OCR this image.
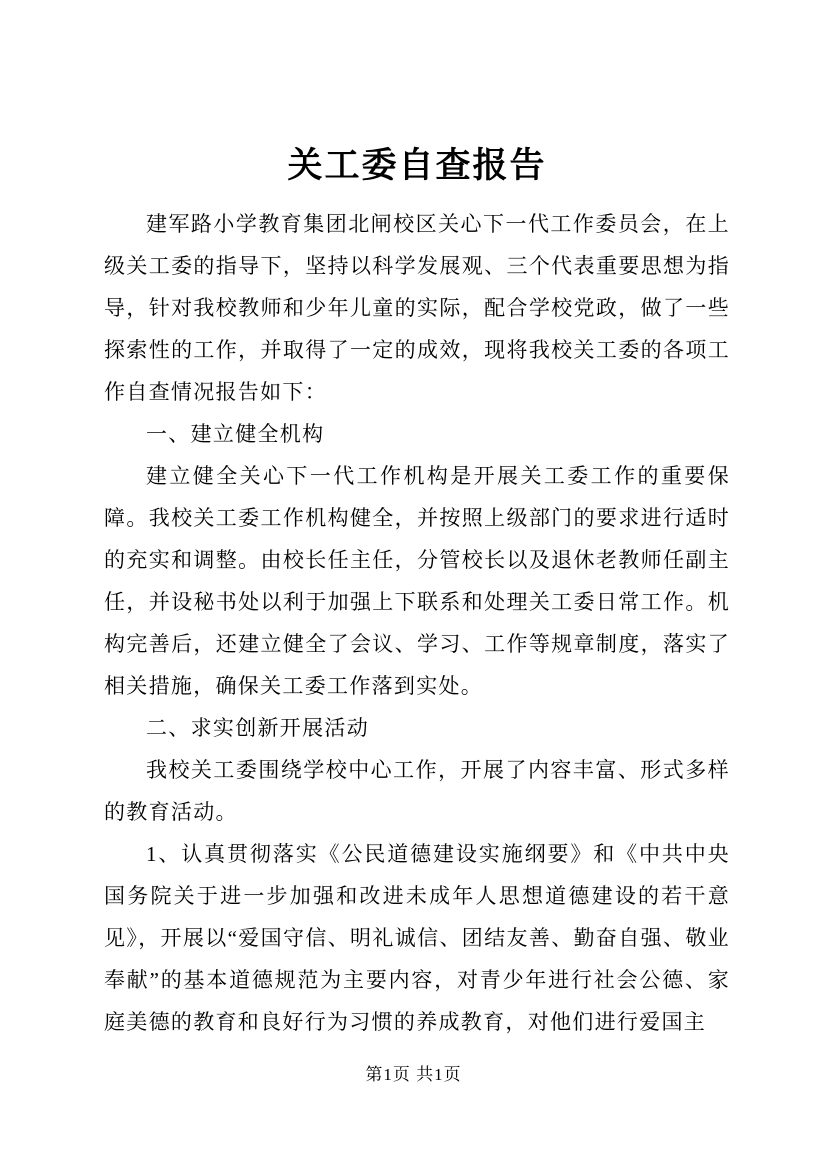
关工委自查报告

建军路小学教育集团北闸校区关心下一代工作委员会，在上级关工委的指导下，坚持以科学发展观、三个代表重要思想为指导，针对我校教师和少年儿童的实际，配合学校党政，做了一些探索性的工作，并取得了一定的成效，现将我校关工委的各项工作自查情况报告如下：

一、建立健全机构

建立健全关心下一代工作机构是开展关工委工作的重要保障。我校关工委工作机构健全，并按照上级部门的要求进行适时的充实和调整。由校长任主任，分管校长以及退休老教师任副主任，并设秘书处以利于加强上下联系和处理关工委日常工作。机构完善后，还建立健全了会议、学习、工作等规章制度，落实了相关措施，确保关工委工作落到实处。

二、求实创新开展活动

我校关工委围绕学校中心工作，开展了内容丰富、形式多样的教育活动。

1、认真贯彻落实《公民道德建设实施纲要》和《中共中央国务院关于进一步加强和改进未成年人思想道德建设的若干意见》，开展以“爱国守信、明礼诚信、团结友善、勤奋自强、敬业奉献”的基本道德规范为主要内容，对青少年进行社会公德、家庭美德的教育和良好行为习惯的养成教育，对他们进行爱国主

第1页 共1页
